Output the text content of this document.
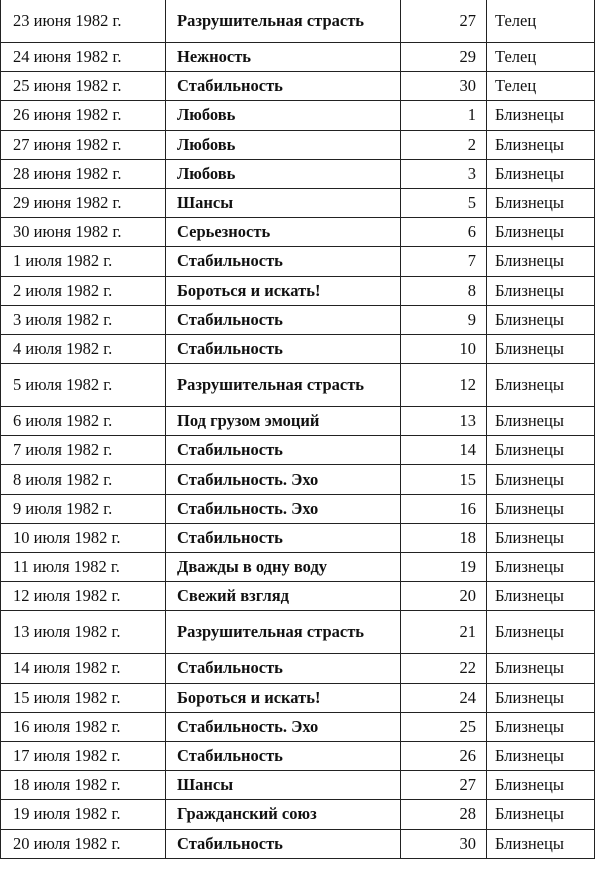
23 июня 1982 г.	Разрушительная страсть	27	Телец
24 июня 1982 г.	Нежность	29	Телец
25 июня 1982 г.	Стабильность	30	Телец
26 июня 1982 г.	Любовь	1	Близнецы
27 июня 1982 г.	Любовь	2	Близнецы
28 июня 1982 г.	Любовь	3	Близнецы
29 июня 1982 г.	Шансы	5	Близнецы
30 июня 1982 г.	Серьезность	6	Близнецы
1 июля 1982 г.	Стабильность	7	Близнецы
2 июля 1982 г.	Бороться и искать!	8	Близнецы
3 июля 1982 г.	Стабильность	9	Близнецы
4 июля 1982 г.	Стабильность	10	Близнецы
5 июля 1982 г.	Разрушительная страсть	12	Близнецы
6 июля 1982 г.	Под грузом эмоций	13	Близнецы
7 июля 1982 г.	Стабильность	14	Близнецы
8 июля 1982 г.	Стабильность. Эхо	15	Близнецы
9 июля 1982 г.	Стабильность. Эхо	16	Близнецы
10 июля 1982 г.	Стабильность	18	Близнецы
11 июля 1982 г.	Дважды в одну воду	19	Близнецы
12 июля 1982 г.	Свежий взгляд	20	Близнецы
13 июля 1982 г.	Разрушительная страсть	21	Близнецы
14 июля 1982 г.	Стабильность	22	Близнецы
15 июля 1982 г.	Бороться и искать!	24	Близнецы
16 июля 1982 г.	Стабильность. Эхо	25	Близнецы
17 июля 1982 г.	Стабильность	26	Близнецы
18 июля 1982 г.	Шансы	27	Близнецы
19 июля 1982 г.	Гражданский союз	28	Близнецы
20 июля 1982 г.	Стабильность	30	Близнецы
